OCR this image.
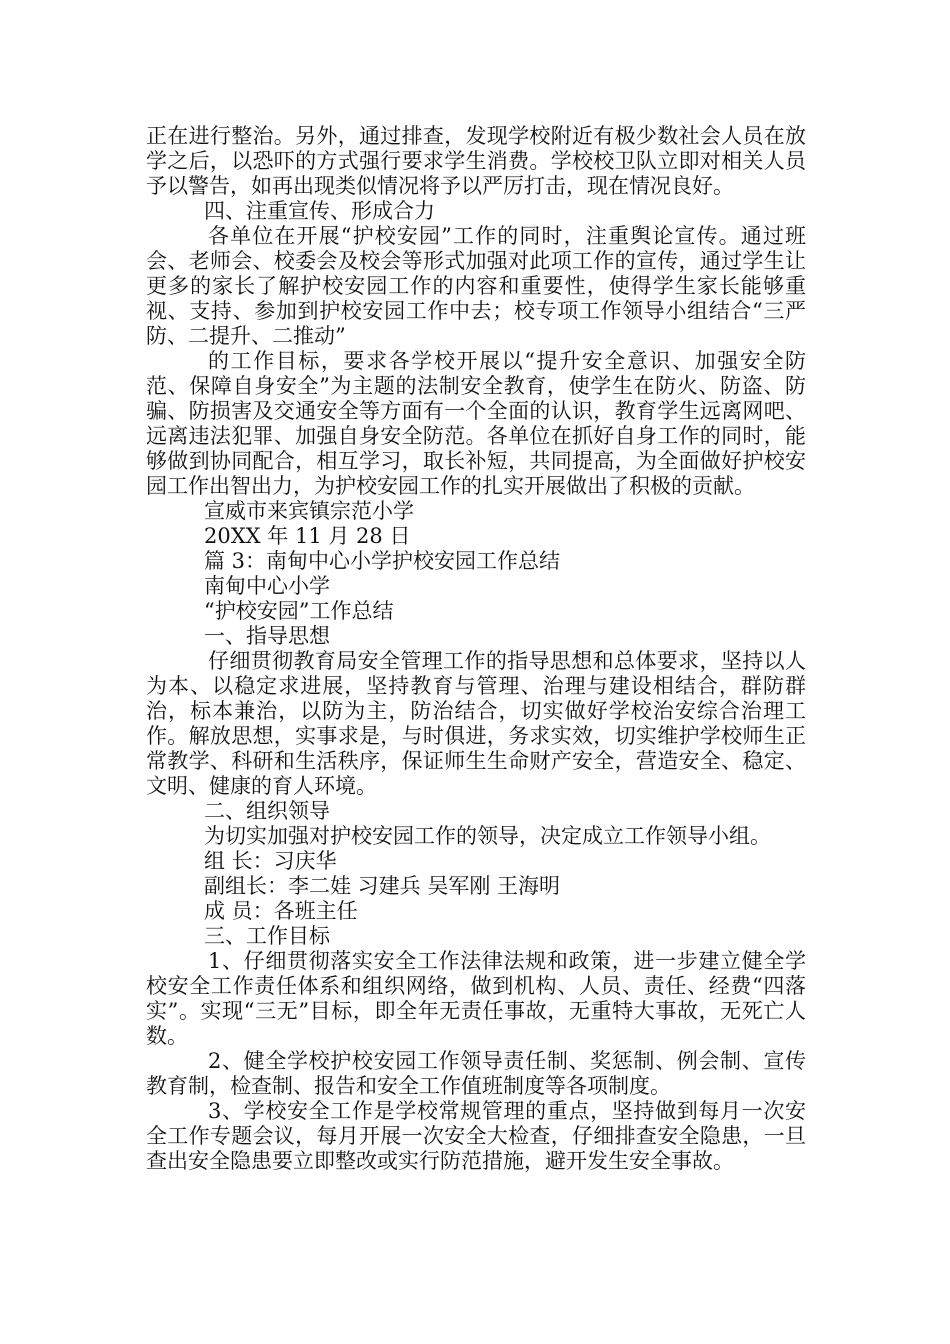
正在进行整治。另外，通过排查，发现学校附近有极少数社会人员在放学之后，以恐吓的方式强行要求学生消费。学校校卫队立即对相关人员予以警告，如再出现类似情况将予以严厉打击，现在情况良好。

四、注重宣传、形成合力

各单位在开展“护校安园”工作的同时，注重舆论宣传。通过班会、老师会、校委会及校会等形式加强对此项工作的宣传，通过学生让更多的家长了解护校安园工作的内容和重要性，使得学生家长能够重视、支持、参加到护校安园工作中去；校专项工作领导小组结合“三严防、二提升、二推动”

的工作目标，要求各学校开展以“提升安全意识、加强安全防范、保障自身安全”为主题的法制安全教育，使学生在防火、防盗、防骗、防损害及交通安全等方面有一个全面的认识，教育学生远离网吧、远离违法犯罪、加强自身安全防范。各单位在抓好自身工作的同时，能够做到协同配合，相互学习，取长补短，共同提高，为全面做好护校安园工作出智出力，为护校安园工作的扎实开展做出了积极的贡献。

宣威市来宾镇宗范小学

20XX 年 11 月 28 日

篇 3：南甸中心小学护校安园工作总结

南甸中心小学

“护校安园”工作总结

一、指导思想

仔细贯彻教育局安全管理工作的指导思想和总体要求，坚持以人为本、以稳定求进展，坚持教育与管理、治理与建设相结合，群防群治，标本兼治，以防为主，防治结合，切实做好学校治安综合治理工作。解放思想，实事求是，与时俱进，务求实效，切实维护学校师生正常教学、科研和生活秩序，保证师生生命财产安全，营造安全、稳定、文明、健康的育人环境。

二、组织领导

为切实加强对护校安园工作的领导，决定成立工作领导小组。

组 长：习庆华

副组长：李二娃 习建兵 吴军刚 王海明

成 员：各班主任

三、工作目标

1、仔细贯彻落实安全工作法律法规和政策，进一步建立健全学校安全工作责任体系和组织网络，做到机构、人员、责任、经费“四落实”。实现“三无”目标，即全年无责任事故，无重特大事故，无死亡人数。

2、健全学校护校安园工作领导责任制、奖惩制、例会制、宣传教育制，检查制、报告和安全工作值班制度等各项制度。

3、学校安全工作是学校常规管理的重点，坚持做到每月一次安全工作专题会议，每月开展一次安全大检查，仔细排查安全隐患，一旦查出安全隐患要立即整改或实行防范措施，避开发生安全事故。
